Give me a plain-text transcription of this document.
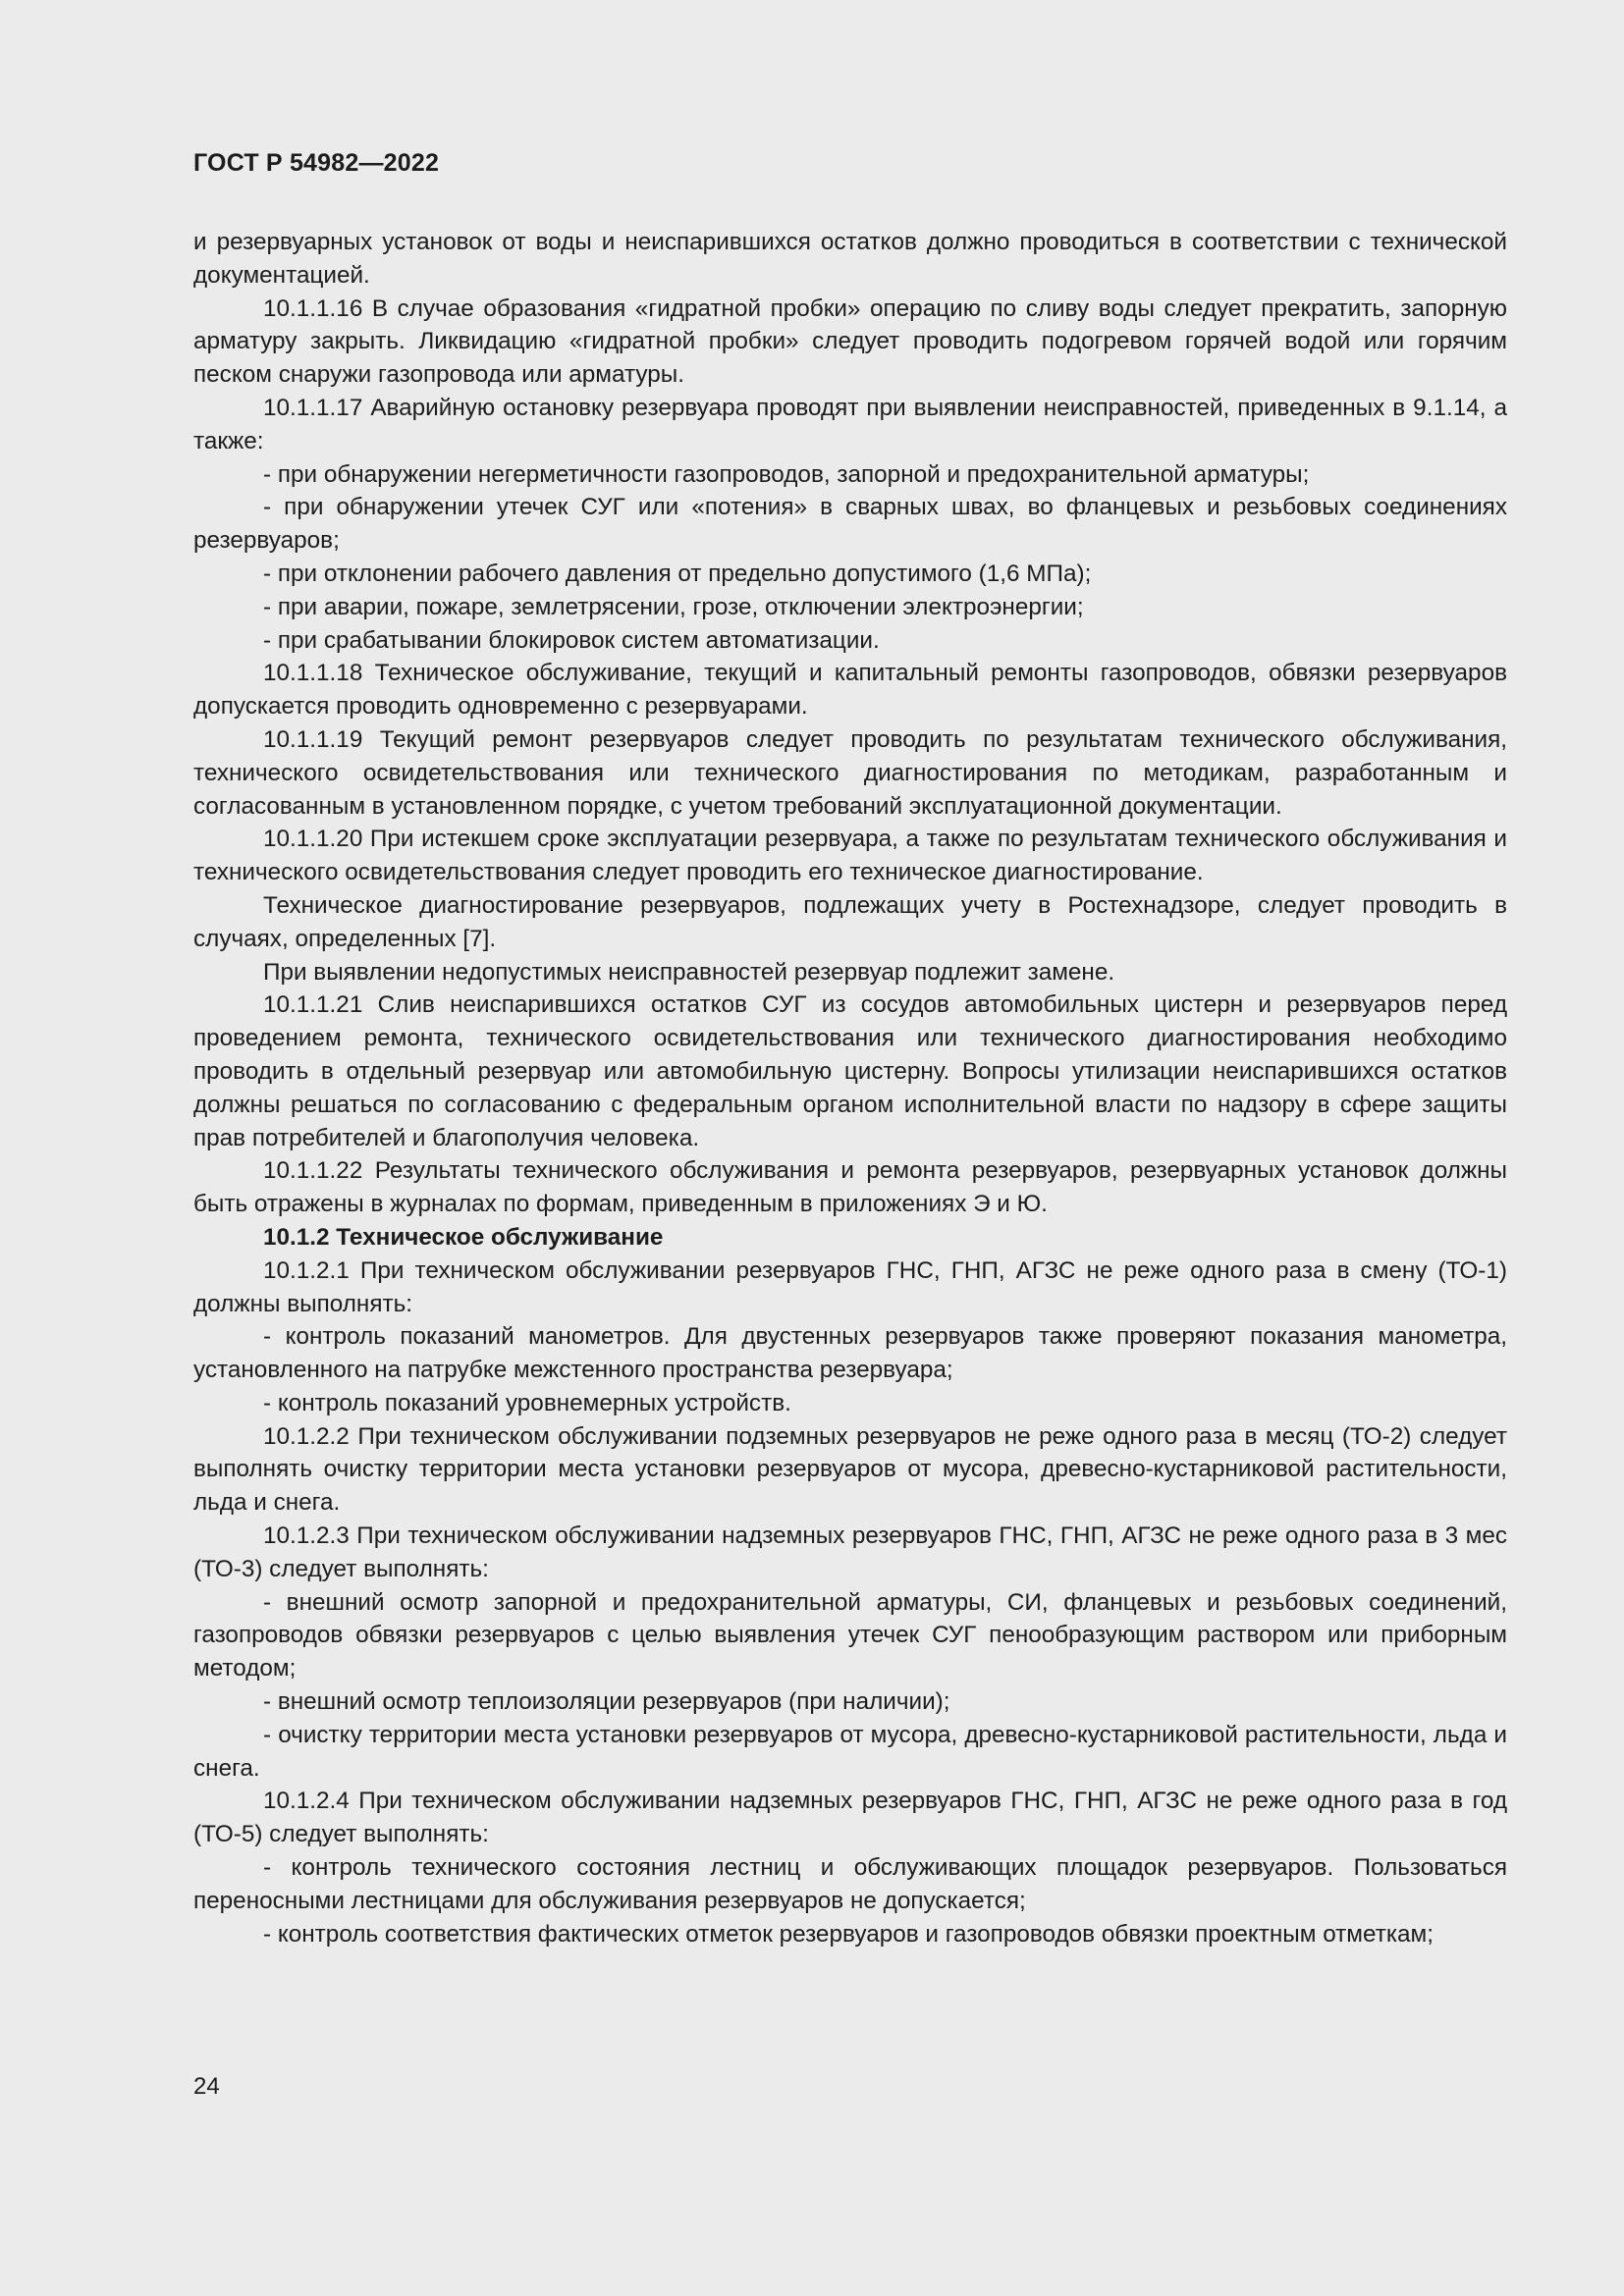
ГОСТ Р 54982—2022

и резервуарных установок от воды и неиспарившихся остатков должно проводиться в соответствии с технической документацией.

10.1.1.16 В случае образования «гидратной пробки» операцию по сливу воды следует прекратить, запорную арматуру закрыть. Ликвидацию «гидратной пробки» следует проводить подогревом горячей водой или горячим песком снаружи газопровода или арматуры.

10.1.1.17 Аварийную остановку резервуара проводят при выявлении неисправностей, приведенных в 9.1.14, а также:

- при обнаружении негерметичности газопроводов, запорной и предохранительной арматуры;

- при обнаружении утечек СУГ или «потения» в сварных швах, во фланцевых и резьбовых соединениях резервуаров;

- при отклонении рабочего давления от предельно допустимого (1,6 МПа);

- при аварии, пожаре, землетрясении, грозе, отключении электроэнергии;

- при срабатывании блокировок систем автоматизации.

10.1.1.18 Техническое обслуживание, текущий и капитальный ремонты газопроводов, обвязки резервуаров допускается проводить одновременно с резервуарами.

10.1.1.19 Текущий ремонт резервуаров следует проводить по результатам технического обслуживания, технического освидетельствования или технического диагностирования по методикам, разработанным и согласованным в установленном порядке, с учетом требований эксплуатационной документации.

10.1.1.20 При истекшем сроке эксплуатации резервуара, а также по результатам технического обслуживания и технического освидетельствования следует проводить его техническое диагностирование.

Техническое диагностирование резервуаров, подлежащих учету в Ростехнадзоре, следует проводить в случаях, определенных [7].

При выявлении недопустимых неисправностей резервуар подлежит замене.

10.1.1.21 Слив неиспарившихся остатков СУГ из сосудов автомобильных цистерн и резервуаров перед проведением ремонта, технического освидетельствования или технического диагностирования необходимо проводить в отдельный резервуар или автомобильную цистерну. Вопросы утилизации неиспарившихся остатков должны решаться по согласованию с федеральным органом исполнительной власти по надзору в сфере защиты прав потребителей и благополучия человека.

10.1.1.22 Результаты технического обслуживания и ремонта резервуаров, резервуарных установок должны быть отражены в журналах по формам, приведенным в приложениях Э и Ю.

10.1.2 Техническое обслуживание

10.1.2.1 При техническом обслуживании резервуаров ГНС, ГНП, АГЗС не реже одного раза в смену (ТО-1) должны выполнять:

- контроль показаний манометров. Для двустенных резервуаров также проверяют показания манометра, установленного на патрубке межстенного пространства резервуара;

- контроль показаний уровнемерных устройств.

10.1.2.2 При техническом обслуживании подземных резервуаров не реже одного раза в месяц (ТО-2) следует выполнять очистку территории места установки резервуаров от мусора, древесно-кустарниковой растительности, льда и снега.

10.1.2.3 При техническом обслуживании надземных резервуаров ГНС, ГНП, АГЗС не реже одного раза в 3 мес (ТО-3) следует выполнять:

- внешний осмотр запорной и предохранительной арматуры, СИ, фланцевых и резьбовых соединений, газопроводов обвязки резервуаров с целью выявления утечек СУГ пенообразующим раствором или приборным методом;

- внешний осмотр теплоизоляции резервуаров (при наличии);

- очистку территории места установки резервуаров от мусора, древесно-кустарниковой растительности, льда и снега.

10.1.2.4 При техническом обслуживании надземных резервуаров ГНС, ГНП, АГЗС не реже одного раза в год (ТО-5) следует выполнять:

- контроль технического состояния лестниц и обслуживающих площадок резервуаров. Пользоваться переносными лестницами для обслуживания резервуаров не допускается;

- контроль соответствия фактических отметок резервуаров и газопроводов обвязки проектным отметкам;

24
